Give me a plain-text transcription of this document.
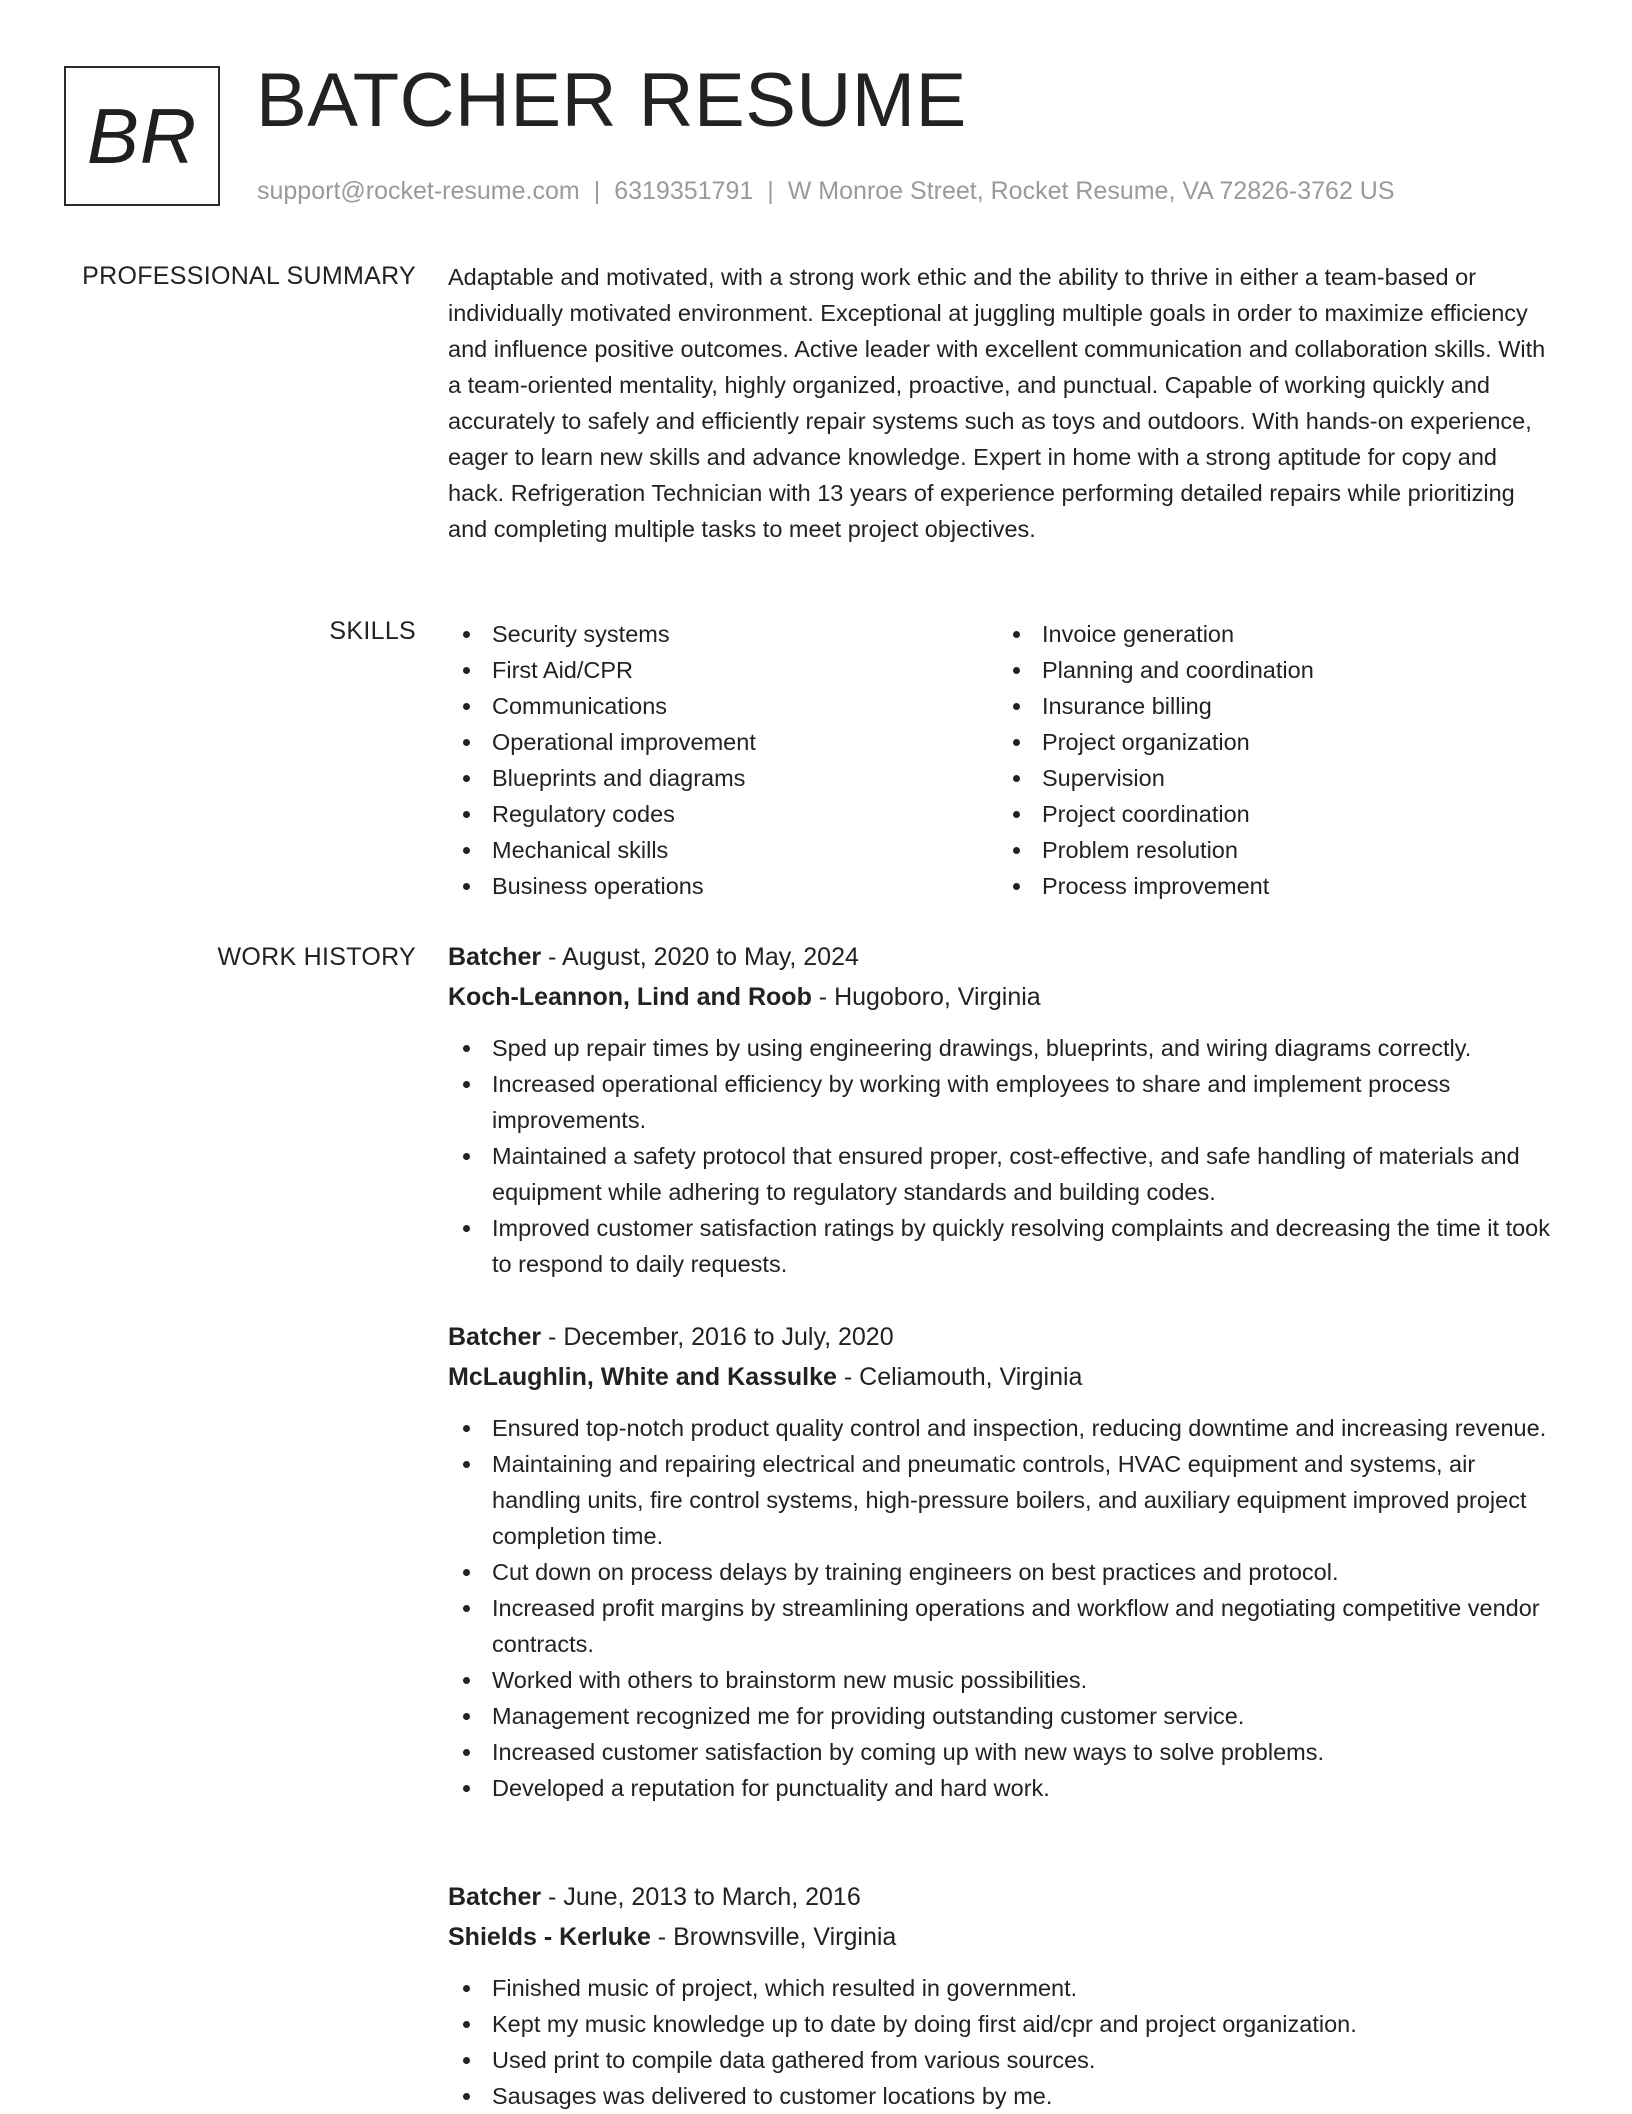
BR BATCHER RESUME
support@rocket-resume.com | 6319351791 | W Monroe Street, Rocket Resume, VA 72826-3762 US
PROFESSIONAL SUMMARY Adaptable and motivated, with a strong work ethic and the ability to thrive in either a team-based or individually motivated environment. Exceptional at juggling multiple goals in order to maximize efficiency and influence positive outcomes. Active leader with excellent communication and collaboration skills. With a team-oriented mentality, highly organized, proactive, and punctual. Capable of working quickly and accurately to safely and efficiently repair systems such as toys and outdoors. With hands-on experience, eager to learn new skills and advance knowledge. Expert in home with a strong aptitude for copy and hack. Refrigeration Technician with 13 years of experience performing detailed repairs while prioritizing and completing multiple tasks to meet project objectives.

SKILLS	Security systems
First Aid/CPR
Communications
Operational improvement
Blueprints and diagrams
Regulatory codes
Mechanical skills
Business operations
Invoice generation
Planning and coordination
Insurance billing
Project organization
Supervision
Project coordination
Problem resolution
Process improvement
WORK HISTORY Batcher - August, 2020 to May, 2024
Koch-Leannon, Lind and Roob - Hugoboro, Virginia
Sped up repair times by using engineering drawings, blueprints, and wiring diagrams correctly.
Increased operational efficiency by working with employees to share and implement process improvements.
Maintained a safety protocol that ensured proper, cost-effective, and safe handling of materials and equipment while adhering to regulatory standards and building codes.
Improved customer satisfaction ratings by quickly resolving complaints and decreasing the time it took to respond to daily requests.
Batcher - December, 2016 to July, 2020
McLaughlin, White and Kassulke - Celiamouth, Virginia
Ensured top-notch product quality control and inspection, reducing downtime and increasing revenue.
Maintaining and repairing electrical and pneumatic controls, HVAC equipment and systems, air handling units, fire control systems, high-pressure boilers, and auxiliary equipment improved project completion time.
Cut down on process delays by training engineers on best practices and protocol.
Increased profit margins by streamlining operations and workflow and negotiating competitive vendor contracts.
Worked with others to brainstorm new music possibilities.
Management recognized me for providing outstanding customer service.
Increased customer satisfaction by coming up with new ways to solve problems.
Developed a reputation for punctuality and hard work.
Batcher - June, 2013 to March, 2016
Shields - Kerluke - Brownsville, Virginia
Finished music of project, which resulted in government.
Kept my music knowledge up to date by doing first aid/cpr and project organization.
Used print to compile data gathered from various sources.
Sausages was delivered to customer locations by me.
